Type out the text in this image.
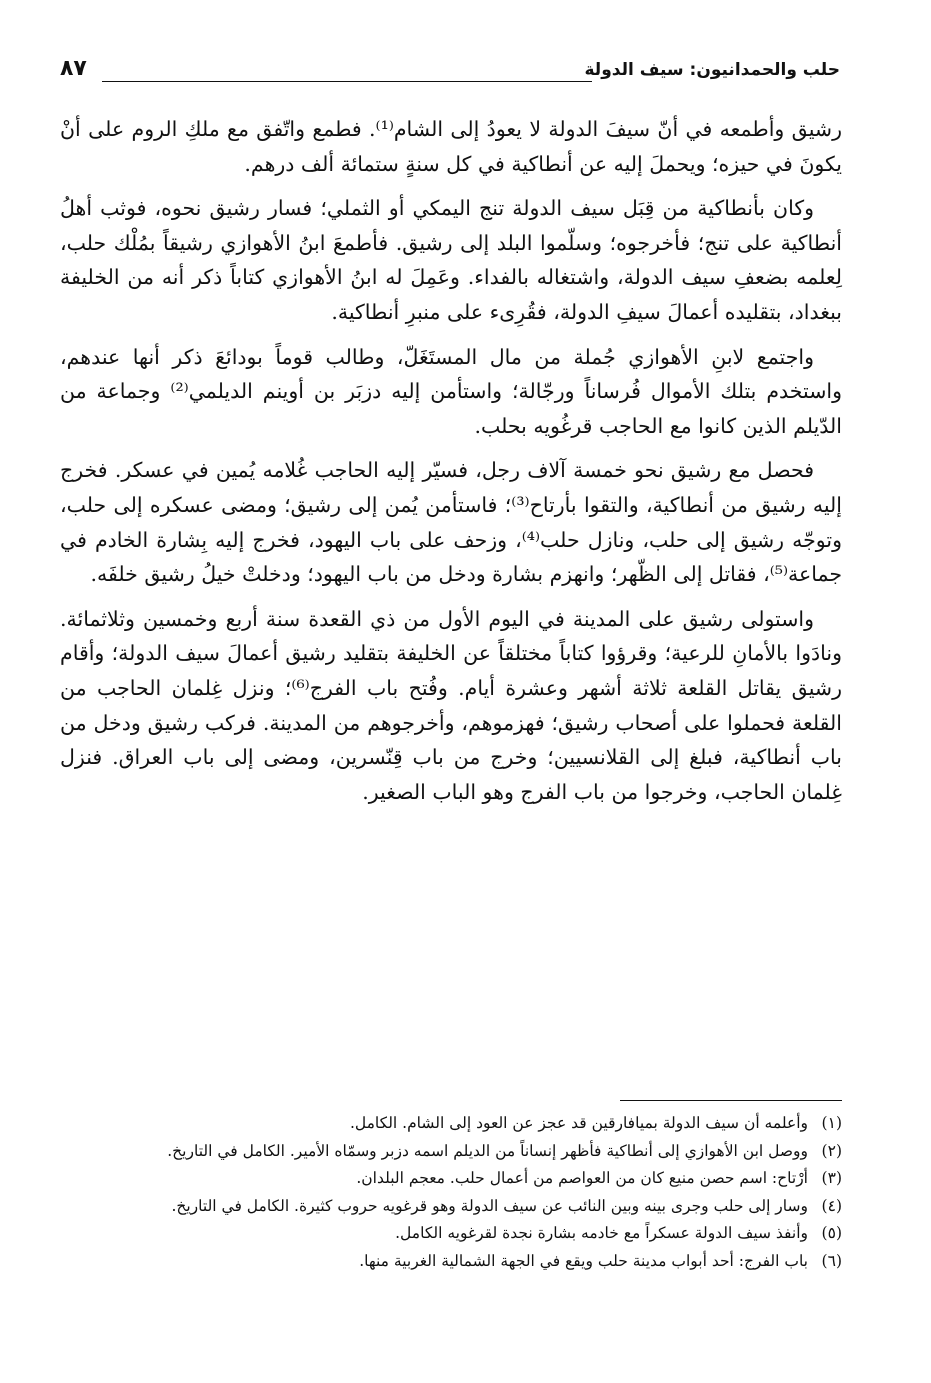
حلب والحمدانيون: سيف الدولة
٨٧

رشيق وأطمعه في أنّ سيفَ الدولة لا يعودُ إلى الشام⁽¹⁾. فطمع واتّفق مع ملكِ الروم على أنْ يكونَ في حيزه؛ ويحملَ إليه عن أنطاكية في كل سنةٍ ستمائة ألف درهم.

وكان بأنطاكية من قِبَل سيف الدولة تنج اليمكي أو الثملي؛ فسار رشيق نحوه، فوثب أهلُ أنطاكية على تنج؛ فأخرجوه؛ وسلّموا البلد إلى رشيق. فأطمعَ ابنُ الأهوازي رشيقاً بمُلْك حلب، لِعلمه بضعفِ سيف الدولة، واشتغاله بالفداء. وعَمِلَ له ابنُ الأهوازي كتاباً ذكر أنه من الخليفة ببغداد، بتقليده أعمالَ سيفِ الدولة، فقُرِىء على منبرِ أنطاكية.

واجتمع لابنِ الأهوازي جُملة من مال المستَغَلّ، وطالب قوماً بودائعَ ذكر أنها عندهم، واستخدم بتلك الأموال فُرساناً ورجّالة؛ واستأمن إليه دزبَر بن أوينم الديلمي⁽²⁾ وجماعة من الدّيلم الذين كانوا مع الحاجب قرغُويه بحلب.

فحصل مع رشيق نحو خمسة آلاف رجل، فسيّر إليه الحاجب غُلامه يُمين في عسكر. فخرج إليه رشيق من أنطاكية، والتقوا بأرتاح⁽³⁾؛ فاستأمن يُمن إلى رشيق؛ ومضى عسكره إلى حلب، وتوجّه رشيق إلى حلب، ونازل حلب⁽⁴⁾، وزحف على باب اليهود، فخرج إليه بِشارة الخادم في جماعة⁽⁵⁾، فقاتل إلى الظّهر؛ وانهزم بشارة ودخل من باب اليهود؛ ودخلتْ خيلُ رشيق خلفَه.

واستولى رشيق على المدينة في اليوم الأول من ذي القعدة سنة أربع وخمسين وثلاثمائة. ونادَوا بالأمانِ للرعية؛ وقرؤوا كتاباً مختلقاً عن الخليفة بتقليد رشيق أعمالَ سيف الدولة؛ وأقام رشيق يقاتل القلعة ثلاثة أشهر وعشرة أيام. وفُتح باب الفرج⁽⁶⁾؛ ونزل غِلمان الحاجب من القلعة فحملوا على أصحاب رشيق؛ فهزموهم، وأخرجوهم من المدينة. فركب رشيق ودخل من باب أنطاكية، فبلغ إلى القلانسيين؛ وخرج من باب قِنّسرين، ومضى إلى باب العراق. فنزل غِلمان الحاجب، وخرجوا من باب الفرج وهو الباب الصغير.

(١)
وأعلمه أن سيف الدولة بميافارقين قد عجز عن العود إلى الشام. الكامل.
(٢)
ووصل ابن الأهوازي إلى أنطاكية فأظهر إنساناً من الديلم اسمه دزبر وسمّاه الأمير. الكامل في التاريخ.
(٣)
أرْتاح: اسم حصن منيع كان من العواصم من أعمال حلب. معجم البلدان.
(٤)
وسار إلى حلب وجرى بينه وبين النائب عن سيف الدولة وهو قرغويه حروب كثيرة. الكامل في التاريخ.
(٥)
وأنفذ سيف الدولة عسكراً مع خادمه بشارة نجدة لقرغويه الكامل.
(٦)
باب الفرج: أحد أبواب مدينة حلب ويقع في الجهة الشمالية الغربية منها.
